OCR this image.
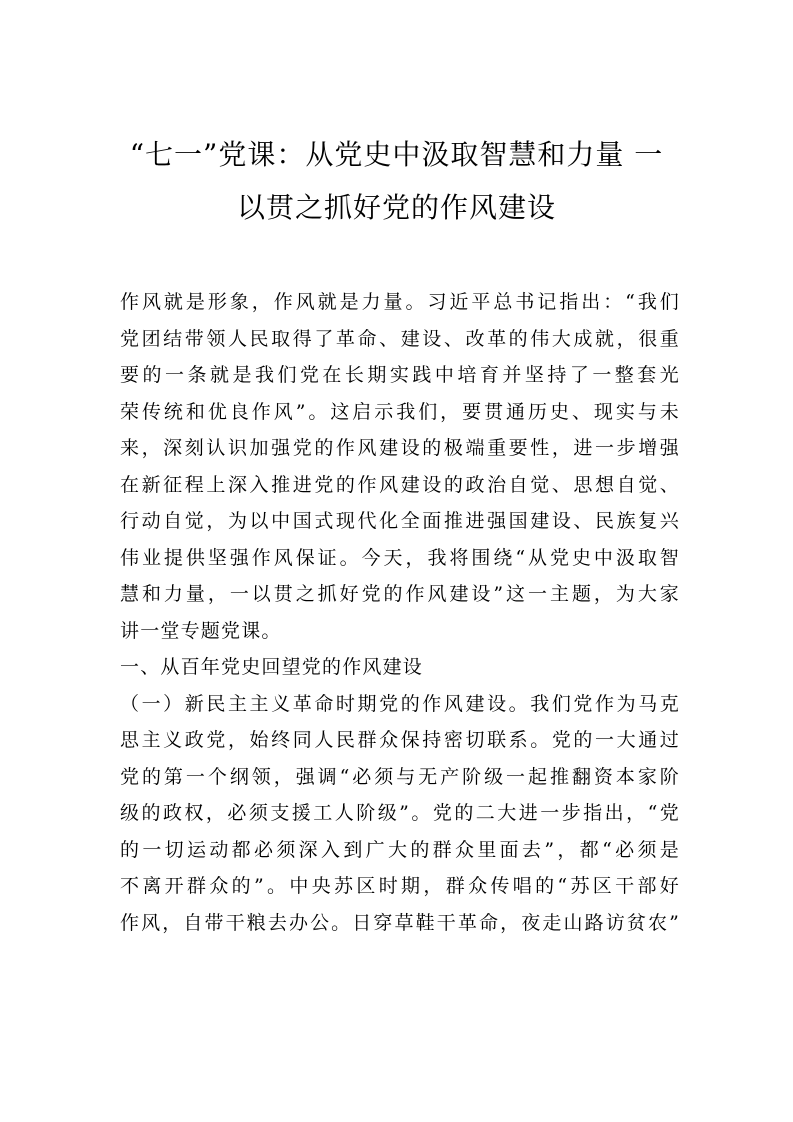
“七一”党课：从党史中汲取智慧和力量 一
以贯之抓好党的作风建设
作风就是形象，作风就是力量。习近平总书记指出：“我们
党团结带领人民取得了革命、建设、改革的伟大成就，很重
要的一条就是我们党在长期实践中培育并坚持了一整套光
荣传统和优良作风”。这启示我们，要贯通历史、现实与未
来，深刻认识加强党的作风建设的极端重要性，进一步增强
在新征程上深入推进党的作风建设的政治自觉、思想自觉、
行动自觉，为以中国式现代化全面推进强国建设、民族复兴
伟业提供坚强作风保证。今天，我将围绕“从党史中汲取智
慧和力量，一以贯之抓好党的作风建设”这一主题，为大家
讲一堂专题党课。
一、从百年党史回望党的作风建设
（一）新民主主义革命时期党的作风建设。我们党作为马克
思主义政党，始终同人民群众保持密切联系。党的一大通过
党的第一个纲领，强调“必须与无产阶级一起推翻资本家阶
级的政权，必须支援工人阶级”。党的二大进一步指出，“党
的一切运动都必须深入到广大的群众里面去”，都“必须是
不离开群众的”。中央苏区时期，群众传唱的“苏区干部好
作风，自带干粮去办公。日穿草鞋干革命，夜走山路访贫农”
